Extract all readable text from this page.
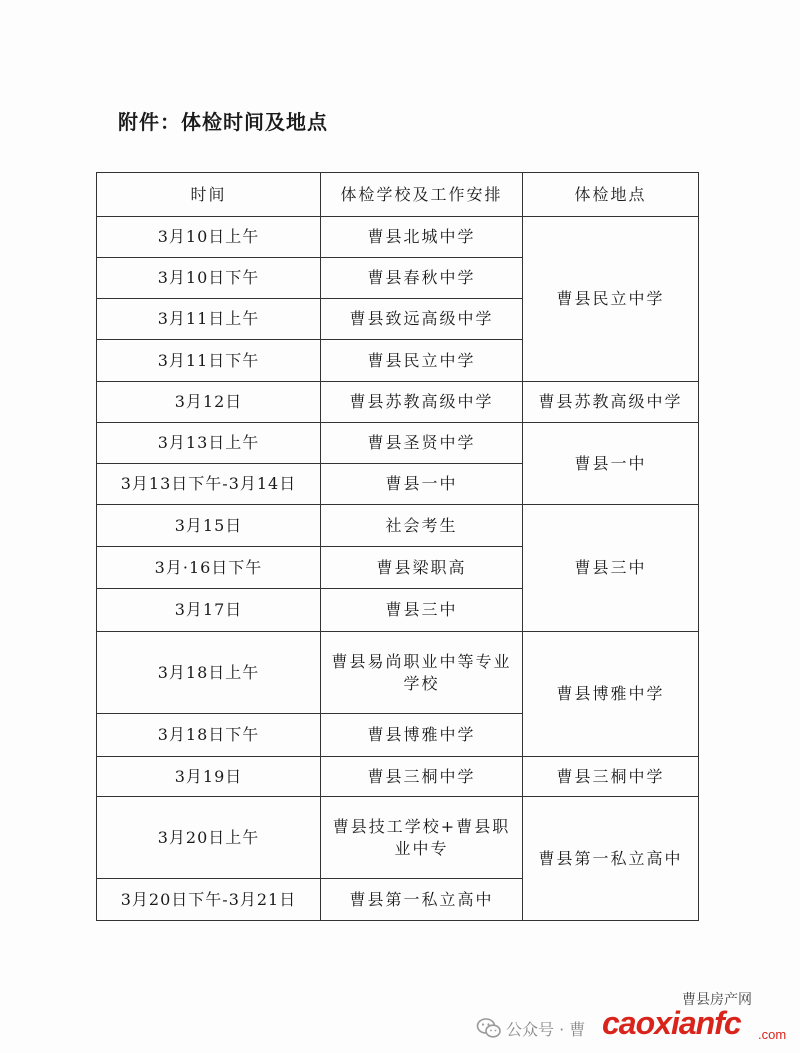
附件：体检时间及地点
时间	体检学校及工作安排	体检地点
3月10日上午	曹县北城中学	曹县民立中学
3月10日下午	曹县春秋中学	
3月11日上午	曹县致远高级中学	
3月11日下午	曹县民立中学	
3月12日	曹县苏教高级中学	曹县苏教高级中学
3月13日上午	曹县圣贤中学	曹县一中
3月13日下午-3月14日	曹县一中	
3月15日	社会考生	曹县三中
3月·16日下午	曹县梁职高	
3月17日	曹县三中	
3月18日上午	曹县易尚职业中等专业学校	曹县博雅中学
3月18日下午	曹县博雅中学	
3月19日	曹县三桐中学	曹县三桐中学
3月20日上午	曹县技工学校+曹县职业中专	曹县第一私立高中
3月20日下午-3月21日	曹县第一私立高中	
曹县房产网
公众号 · 曹 caoxianfc .com
